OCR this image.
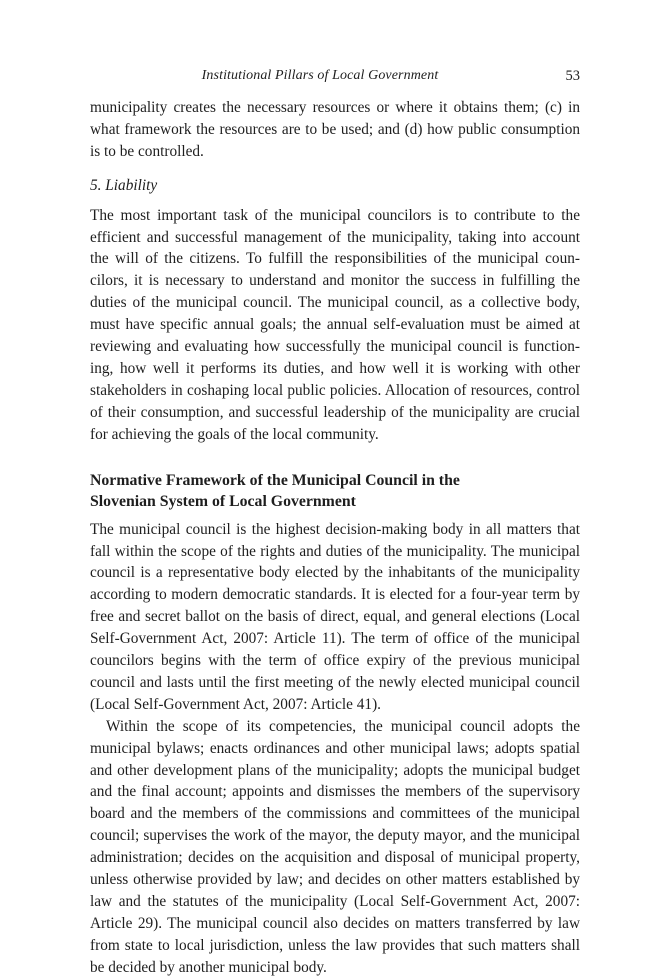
Institutional Pillars of Local Government	53

municipality creates the necessary resources or where it obtains them; (c) in what framework the resources are to be used; and (d) how public consumption is to be controlled.

5. Liability

The most important task of the municipal councilors is to contribute to the efficient and successful management of the municipality, taking into account the will of the citizens. To fulfill the responsibilities of the municipal councilors, it is necessary to understand and monitor the success in fulfilling the duties of the municipal council. The municipal council, as a collective body, must have specific annual goals; the annual self-evaluation must be aimed at reviewing and evaluating how successfully the municipal council is functioning, how well it performs its duties, and how well it is working with other stakeholders in coshaping local public policies. Allocation of resources, control of their consumption, and successful leadership of the municipality are crucial for achieving the goals of the local community.

Normative Framework of the Municipal Council in the
Slovenian System of Local Government

The municipal council is the highest decision-making body in all matters that fall within the scope of the rights and duties of the municipality. The municipal council is a representative body elected by the inhabitants of the municipality according to modern democratic standards. It is elected for a four-year term by free and secret ballot on the basis of direct, equal, and general elections (Local Self-Government Act, 2007: Article 11). The term of office of the municipal councilors begins with the term of office expiry of the previous municipal council and lasts until the first meeting of the newly elected municipal council (Local Self-Government Act, 2007: Article 41).

Within the scope of its competencies, the municipal council adopts the municipal bylaws; enacts ordinances and other municipal laws; adopts spatial and other development plans of the municipality; adopts the municipal budget and the final account; appoints and dismisses the members of the supervisory board and the members of the commissions and committees of the municipal council; supervises the work of the mayor, the deputy mayor, and the municipal administration; decides on the acquisition and disposal of municipal property, unless otherwise provided by law; and decides on other matters established by law and the statutes of the municipality (Local Self-Government Act, 2007: Article 29). The municipal council also decides on matters transferred by law from state to local jurisdiction, unless the law provides that such matters shall be decided by another municipal body.
